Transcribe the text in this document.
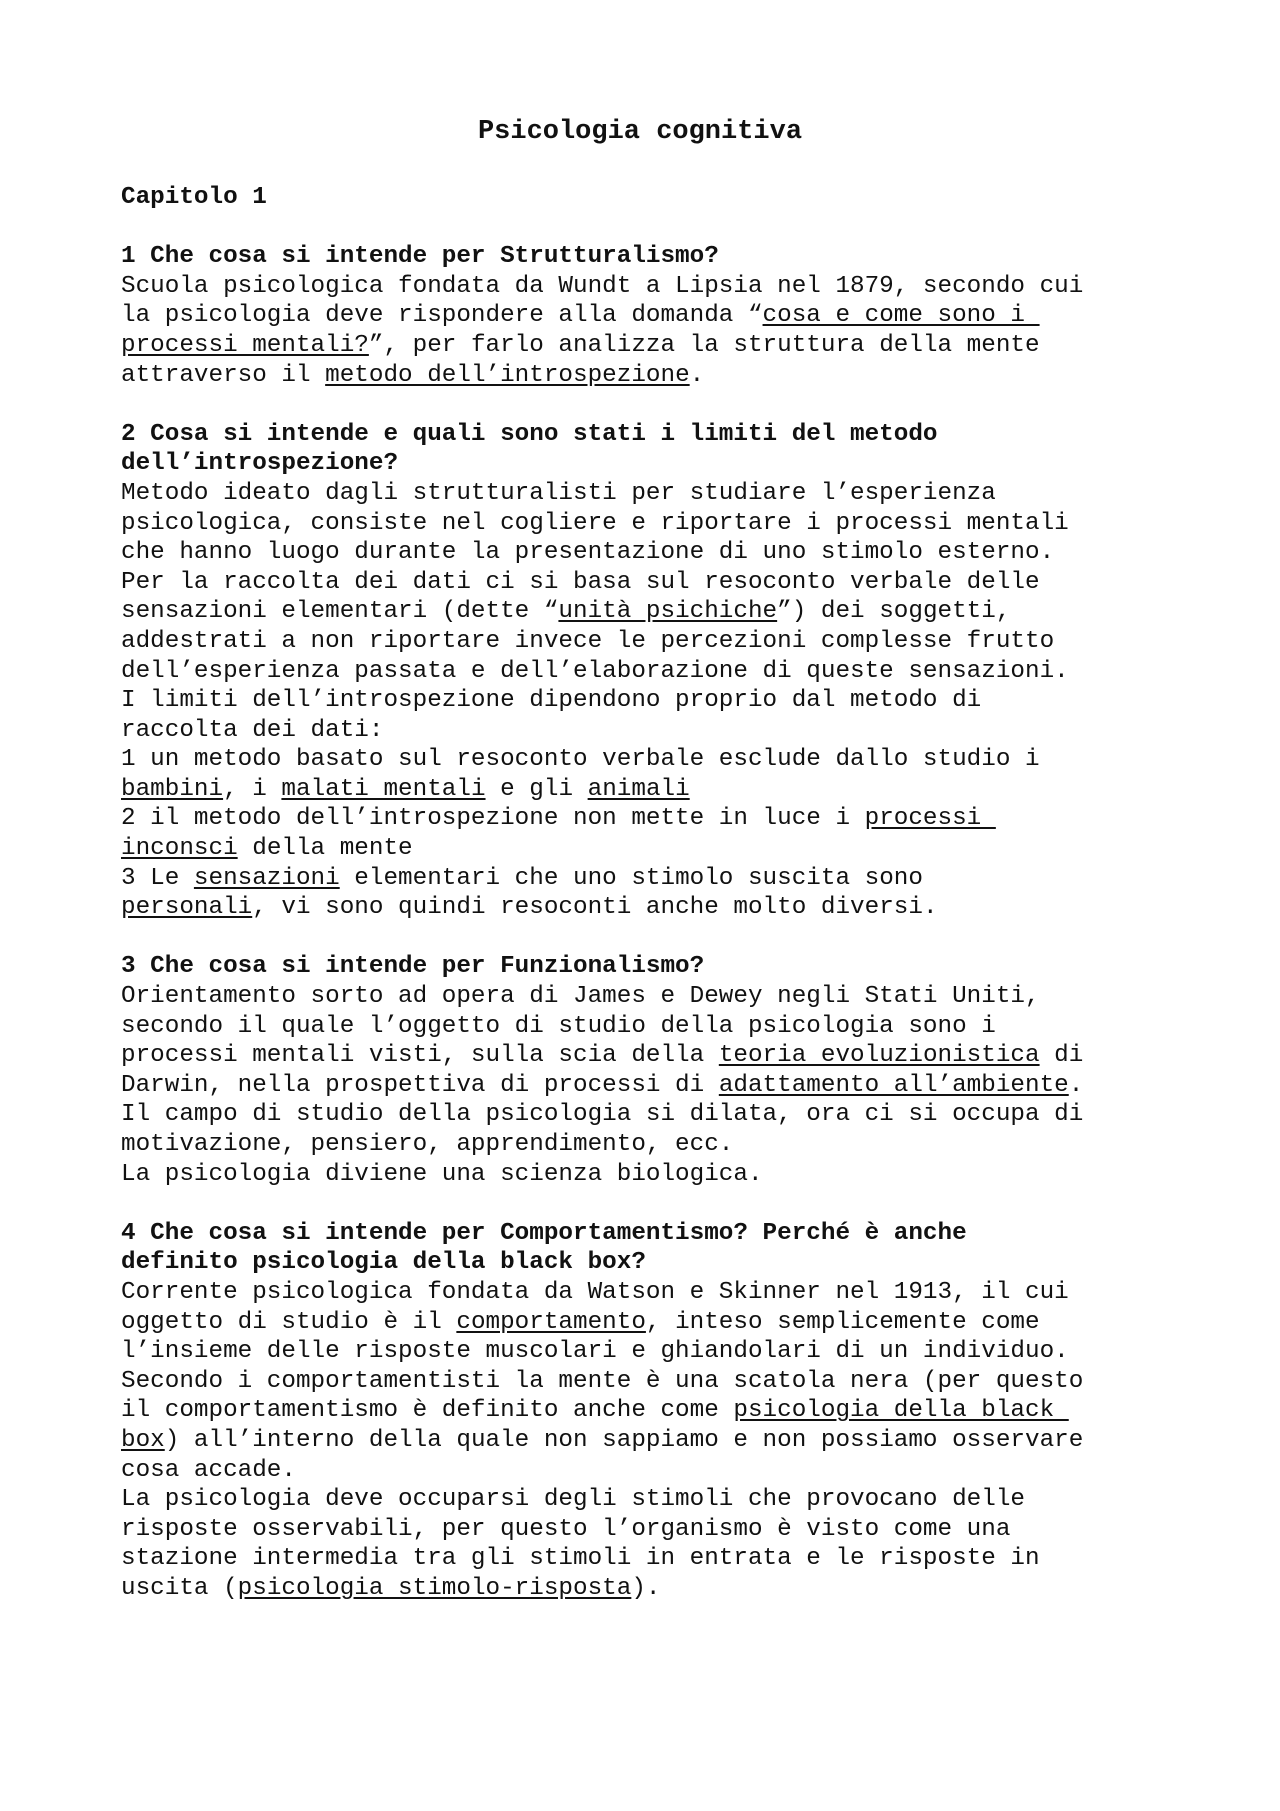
Psicologia cognitiva

Capitolo 1

1 Che cosa si intende per Strutturalismo?

Scuola psicologica fondata da Wundt a Lipsia nel 1879, secondo cui

la psicologia deve rispondere alla domanda “cosa e come sono i

processi mentali?”, per farlo analizza la struttura della mente

attraverso il metodo dell’introspezione.

2 Cosa si intende e quali sono stati i limiti del metodo

dell’introspezione?

Metodo ideato dagli strutturalisti per studiare l’esperienza

psicologica, consiste nel cogliere e riportare i processi mentali

che hanno luogo durante la presentazione di uno stimolo esterno.

Per la raccolta dei dati ci si basa sul resoconto verbale delle

sensazioni elementari (dette “unità psichiche”) dei soggetti,

addestrati a non riportare invece le percezioni complesse frutto

dell’esperienza passata e dell’elaborazione di queste sensazioni.

I limiti dell’introspezione dipendono proprio dal metodo di

raccolta dei dati:

1 un metodo basato sul resoconto verbale esclude dallo studio i

bambini, i malati mentali e gli animali

2 il metodo dell’introspezione non mette in luce i processi

inconsci della mente

3 Le sensazioni elementari che uno stimolo suscita sono

personali, vi sono quindi resoconti anche molto diversi.

3 Che cosa si intende per Funzionalismo?

Orientamento sorto ad opera di James e Dewey negli Stati Uniti,

secondo il quale l’oggetto di studio della psicologia sono i

processi mentali visti, sulla scia della teoria evoluzionistica di

Darwin, nella prospettiva di processi di adattamento all’ambiente.

Il campo di studio della psicologia si dilata, ora ci si occupa di

motivazione, pensiero, apprendimento, ecc.

La psicologia diviene una scienza biologica.

4 Che cosa si intende per Comportamentismo? Perché è anche

definito psicologia della black box?

Corrente psicologica fondata da Watson e Skinner nel 1913, il cui

oggetto di studio è il comportamento, inteso semplicemente come

l’insieme delle risposte muscolari e ghiandolari di un individuo.

Secondo i comportamentisti la mente è una scatola nera (per questo

il comportamentismo è definito anche come psicologia della black

box) all’interno della quale non sappiamo e non possiamo osservare

cosa accade.

La psicologia deve occuparsi degli stimoli che provocano delle

risposte osservabili, per questo l’organismo è visto come una

stazione intermedia tra gli stimoli in entrata e le risposte in

uscita (psicologia stimolo-risposta).
